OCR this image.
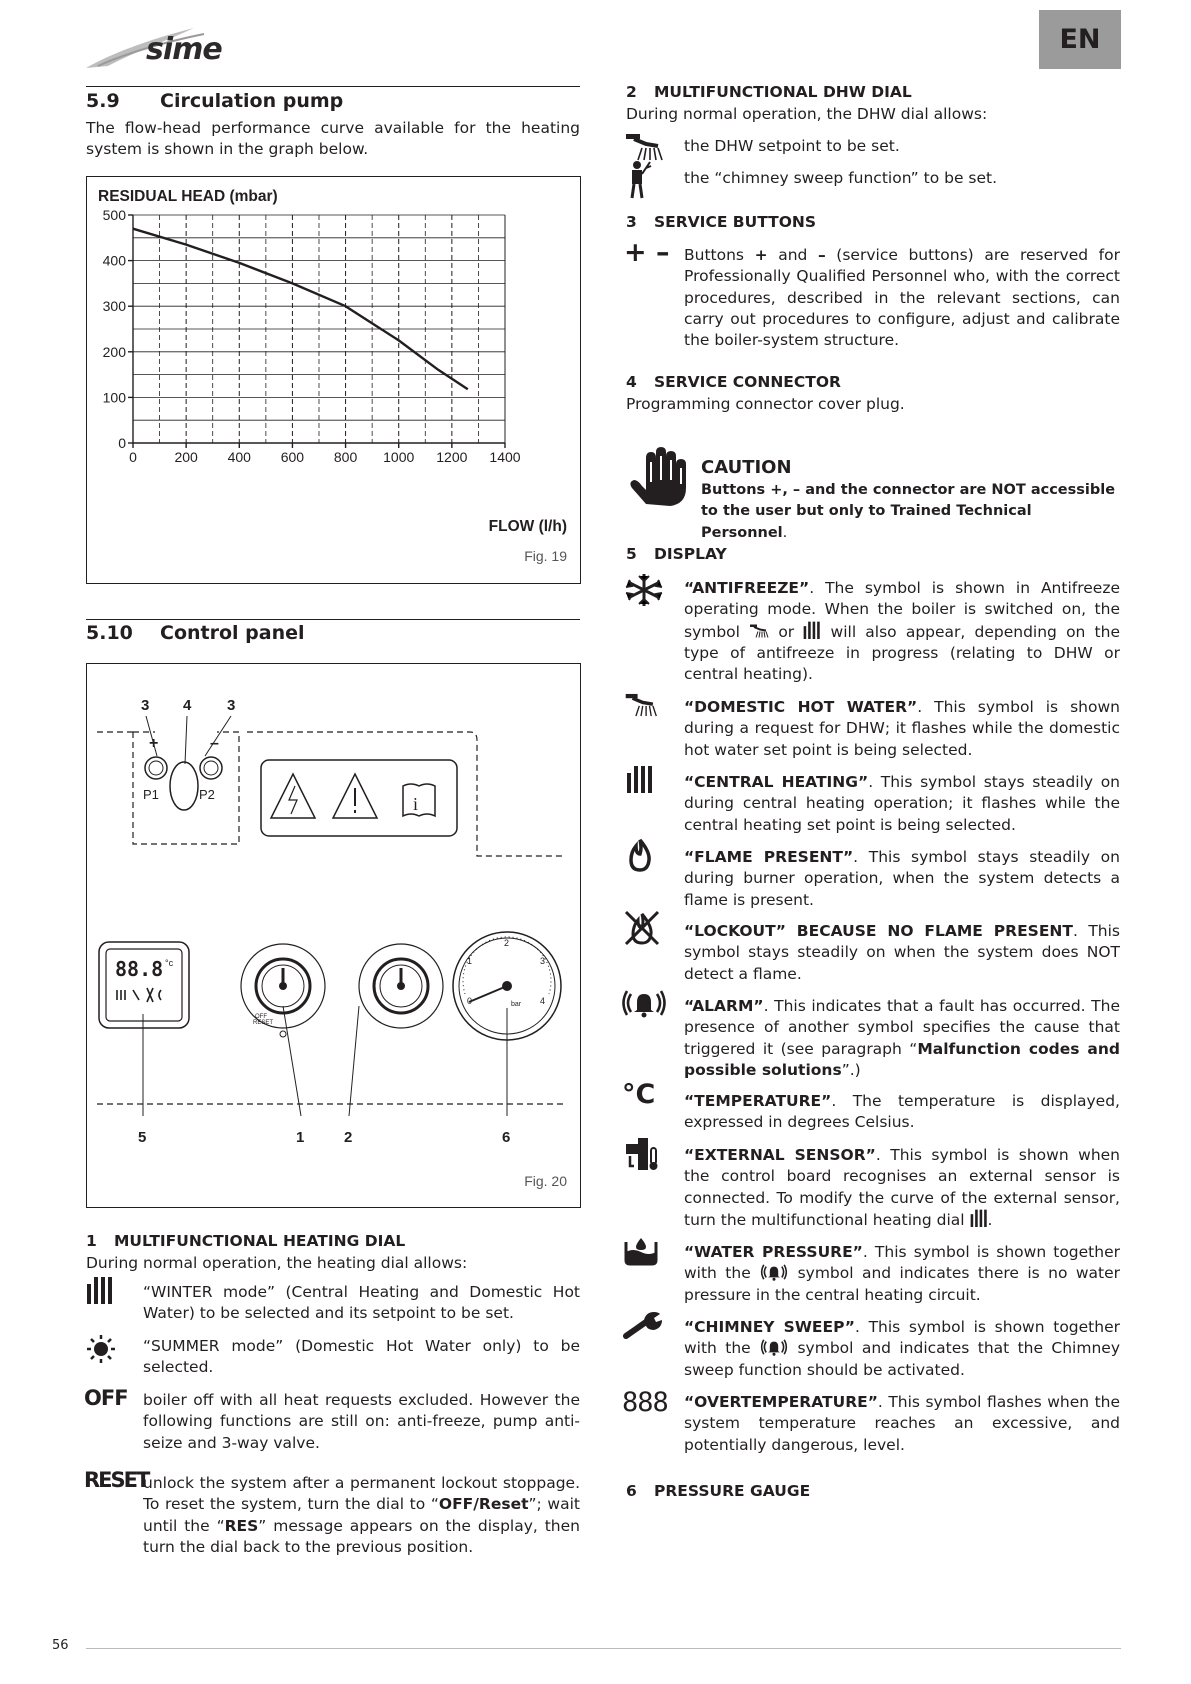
sime	EN
5.9 Circulation pump
The flow-head performance curve available for the heating system is shown in the graph below.
RESIDUAL HEAD (mbar)
0
100
200
300
400
500
0	200 400 600 800 1000 1200 1400
FLOW (l/h)
Fig. 19
5.10 Control panel
3 4 3
+	–
P1	P2	i
88.8 °c
OFF
RESET
0
1
2
3
4
bar
5	1	2	6
Fig. 20
1 MULTIFUNCTIONAL HEATING DIAL
During normal operation, the heating dial allows:
“WINTER mode” (Central Heating and Domestic Hot Water) to be selected and its setpoint to be set.
“SUMMER mode” (Domestic Hot Water only) to be selected.
OFF boiler off with all heat requests excluded. However the following functions are still on: anti-freeze, pump anti-seize and 3-way valve.
RESET
unlock the system after a permanent lockout stoppage. To reset the system, turn the dial to “OFF/Reset”; wait until the “RES” message appears on the display, then turn the dial back to the previous position.
2 MULTIFUNCTIONAL DHW DIAL
During normal operation, the DHW dial allows:
the DHW setpoint to be set.
the “chimney sweep function” to be set.
3 SERVICE BUTTONS
+ – Buttons + and – (service buttons) are reserved for Professionally Qualified Personnel who, with the correct procedures, described in the relevant sections, can carry out procedures to configure, adjust and calibrate the boiler-system structure.
4 SERVICE CONNECTOR
Programming connector cover plug.
CAUTION
Buttons +, – and the connector are NOT accessible to the user but only to Trained Technical Personnel.
5 DISPLAY
“ANTIFREEZE”. The symbol is shown in Antifreeze operating mode. When the boiler is switched on, the symbol  or  will also appear, depending on the type of antifreeze in progress (relating to DHW or central heating).
“DOMESTIC HOT WATER”. This symbol is shown during a request for DHW; it flashes while the domestic hot water set point is being selected.
“CENTRAL HEATING”. This symbol stays steadily on during central heating operation; it flashes while the central heating set point is being selected.
“FLAME PRESENT”. This symbol stays steadily on during burner operation, when the system detects a flame is present.
“LOCKOUT” BECAUSE NO FLAME PRESENT. This symbol stays steadily on when the system does NOT detect a flame.
“ALARM”. This indicates that a fault has occurred. The presence of another symbol specifies the cause that triggered it (see paragraph “Malfunction codes and possible solutions”.)
°C “TEMPERATURE”. The temperature is displayed, expressed in degrees Celsius.
“EXTERNAL SENSOR”. This symbol is shown when the control board recognises an external sensor is connected. To modify the curve of the external sensor, turn the multifunctional heating dial .
“WATER PRESSURE”. This symbol is shown together with the  symbol and indicates there is no water pressure in the central heating circuit.
“CHIMNEY SWEEP”. This symbol is shown together with the  symbol and indicates that the Chimney sweep function should be activated.
888 “OVERTEMPERATURE”. This symbol flashes when the system temperature reaches an excessive, and potentially dangerous, level.
6 PRESSURE GAUGE
56
